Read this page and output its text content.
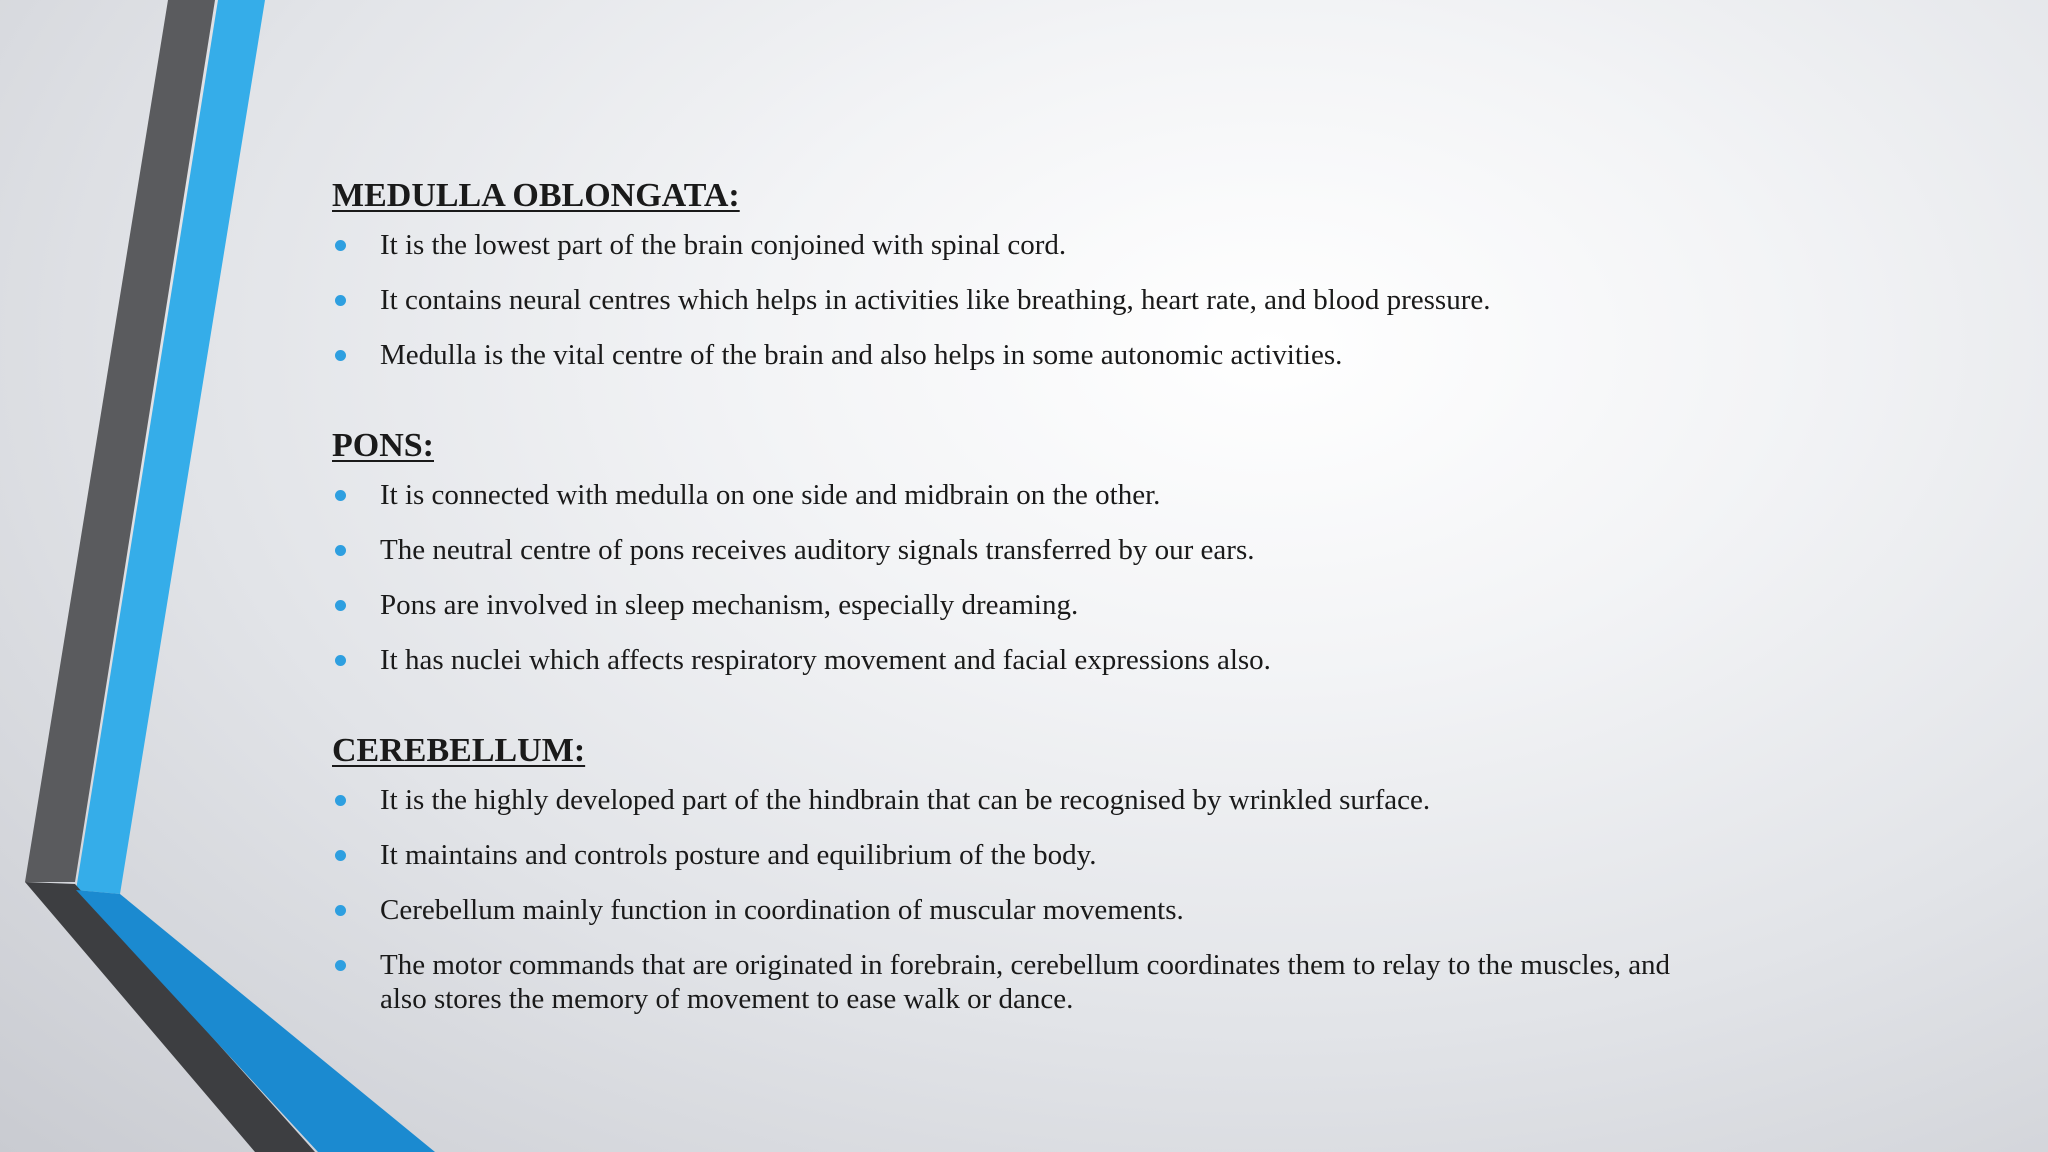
MEDULLA OBLONGATA:
It is the lowest part of the brain conjoined with spinal cord.
It contains neural centres which helps in activities like breathing, heart rate, and blood pressure.
Medulla is the vital centre of the brain and also helps in some autonomic activities.
PONS:
It is connected with medulla on one side and midbrain on the other.
The neutral centre of pons receives auditory signals transferred by our ears.
Pons are involved in sleep mechanism, especially dreaming.
It has nuclei which affects respiratory movement and facial expressions also.
CEREBELLUM:
It is the highly developed part of the hindbrain that can be recognised by wrinkled surface.
It maintains and controls posture and equilibrium of the body.
Cerebellum mainly function in coordination of muscular movements.
The motor commands that are originated in forebrain, cerebellum coordinates them to relay to the muscles, and also stores the memory of movement to ease walk or dance.
